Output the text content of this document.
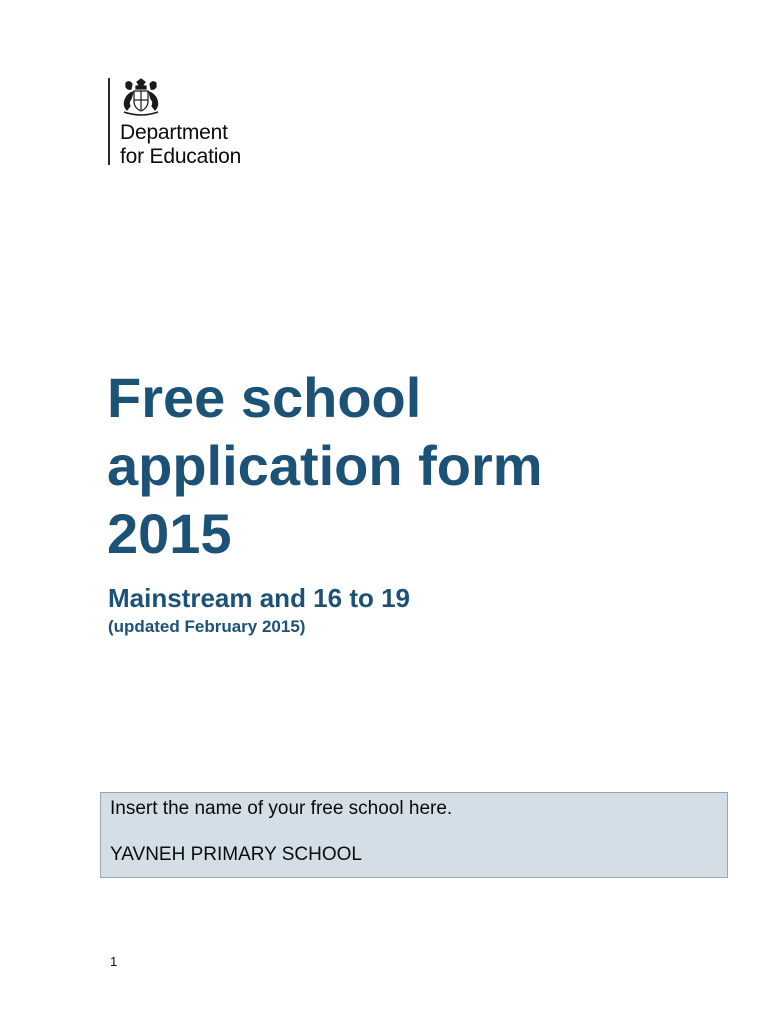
Department
for Education
Free school
application form
2015
Mainstream and 16 to 19
(updated February 2015)
Insert the name of your free school here.
YAVNEH PRIMARY SCHOOL
1
